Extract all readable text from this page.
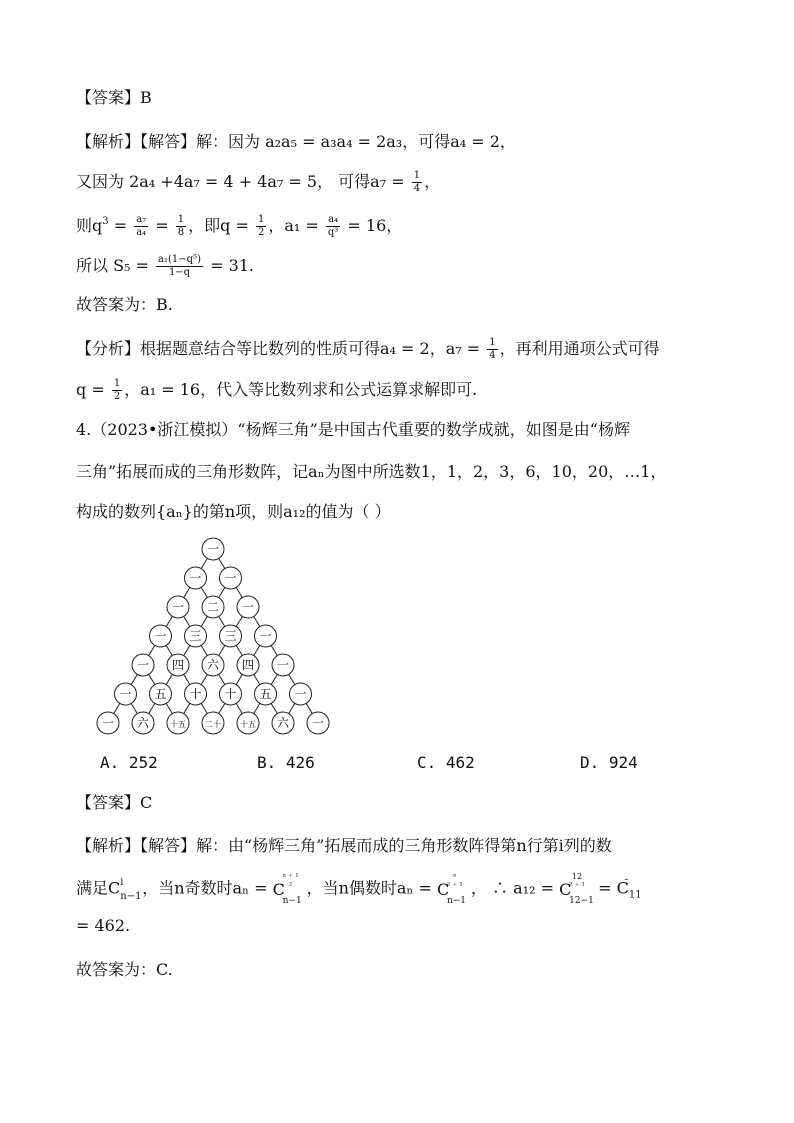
【答案】B
【解析】【解答】解：因为 a₂a₅ = a₃a₄ = 2a₃，可得a₄ = 2，
又因为 2a₄ +4a₇ = 4 + 4a₇ = 5， 可得$a_7 = \frac{1}{4}$ ，
则$q^3 = \frac{\text{a₇}}{\text{a₄}} = \frac{1}{8}$ ，即$q = \frac{1}{2}$ ，$a_1 = \frac{\text{a₄}}{\text{q³}} = 16$，
所以 $S_5 = \frac{\text{a₁(1−q⁵)}}{1-q} = 31$.
故答案为：B.
【分析】根据题意结合等比数列的性质可得a₄ = 2，$a_7 = \frac{1}{4}$ ，再利用通项公式可得
$q = \frac{1}{2}$ ，a₁ = 16，代入等比数列求和公式运算求解即可.
4.（2023•浙江模拟）“杨辉三角”是中国古代重要的数学成就，如图是由“杨辉
三角”拓展而成的三角形数阵，记aₙ为图中所选数1，1，2，3，6，10，20，…1，
构成的数列{aₙ}的第n项，则a₁₂的值为（ ）
一
一 一
一 二 一
一 三 三 一
一 四 六 四 一
一 五 十 十 五 一
一 六	十五 二十 十五 六 一
A. 252	B. 426	C. 462	D. 924
【答案】C
【解析】【解答】解：由“杨辉三角”拓展而成的三角形数阵得第n行第i列的数
满足C i
n−1 ，当n奇数时aₙ = C
ⁿ ⁺ ¹
²
n−1
，当n偶数时aₙ = C
ⁿ
² ⁺ ¹
n−1
， ∴ a₁₂ = C
12
² ⁺ ¹
12−1
= $C_{11}$
= 462.
故答案为：C.
